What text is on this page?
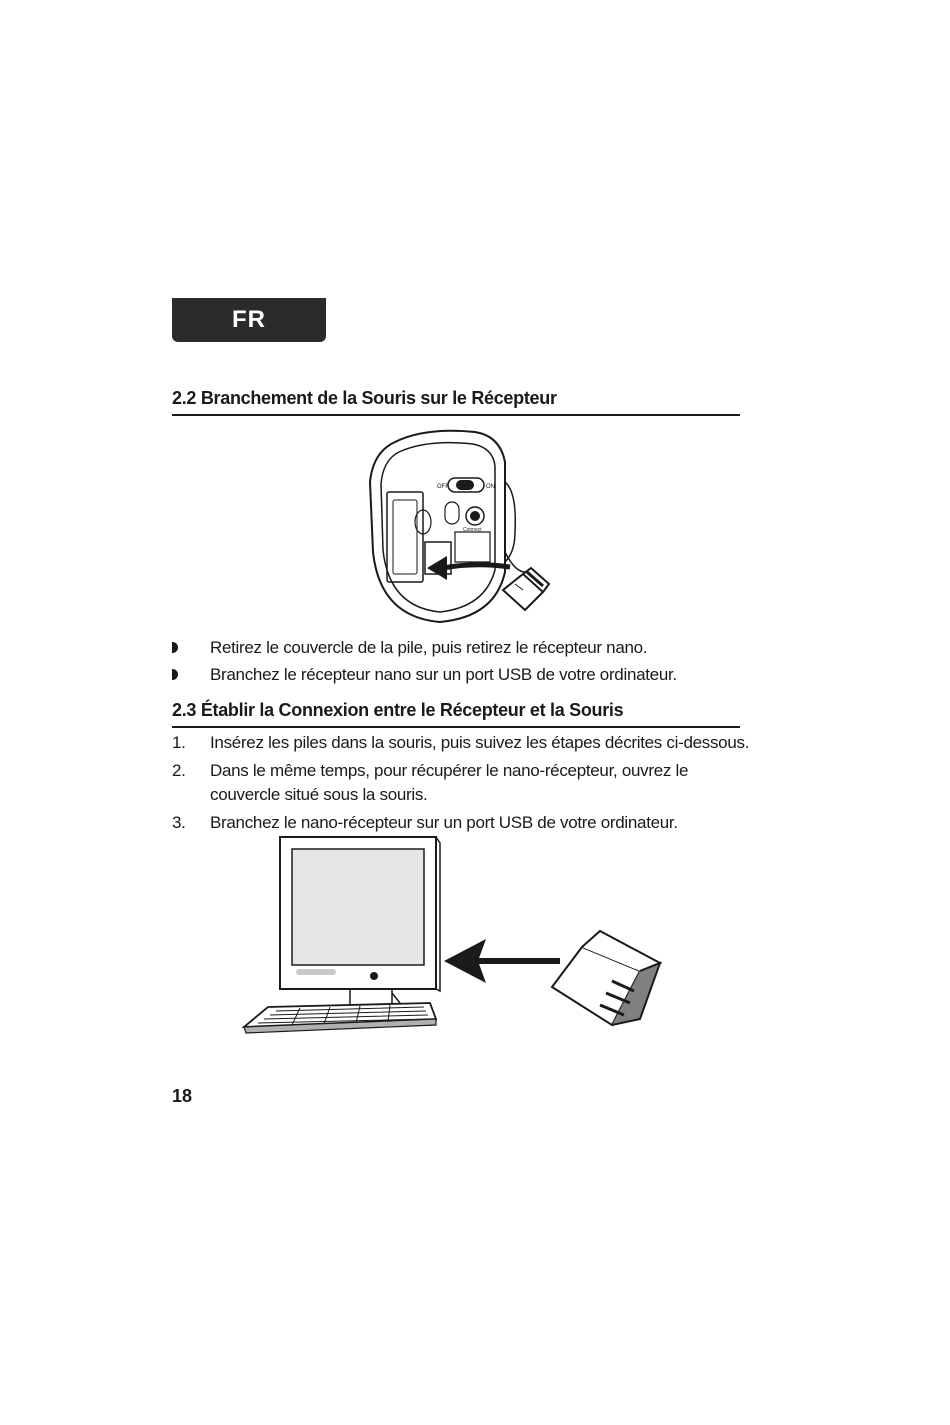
FR
2.2 Branchement de la Souris sur le Récepteur
OFF	ON
Connect
Retirez le couvercle de la pile, puis retirez le récepteur nano.
Branchez le récepteur nano sur un port USB de votre ordinateur.
2.3 Établir la Connexion entre le Récepteur et la Souris
1. Insérez les piles dans la souris, puis suivez les étapes décrites ci-dessous.
2. Dans le même temps, pour récupérer le nano-récepteur, ouvrez le couvercle situé sous la souris.
3. Branchez le nano-récepteur sur un port USB de votre ordinateur.
18
